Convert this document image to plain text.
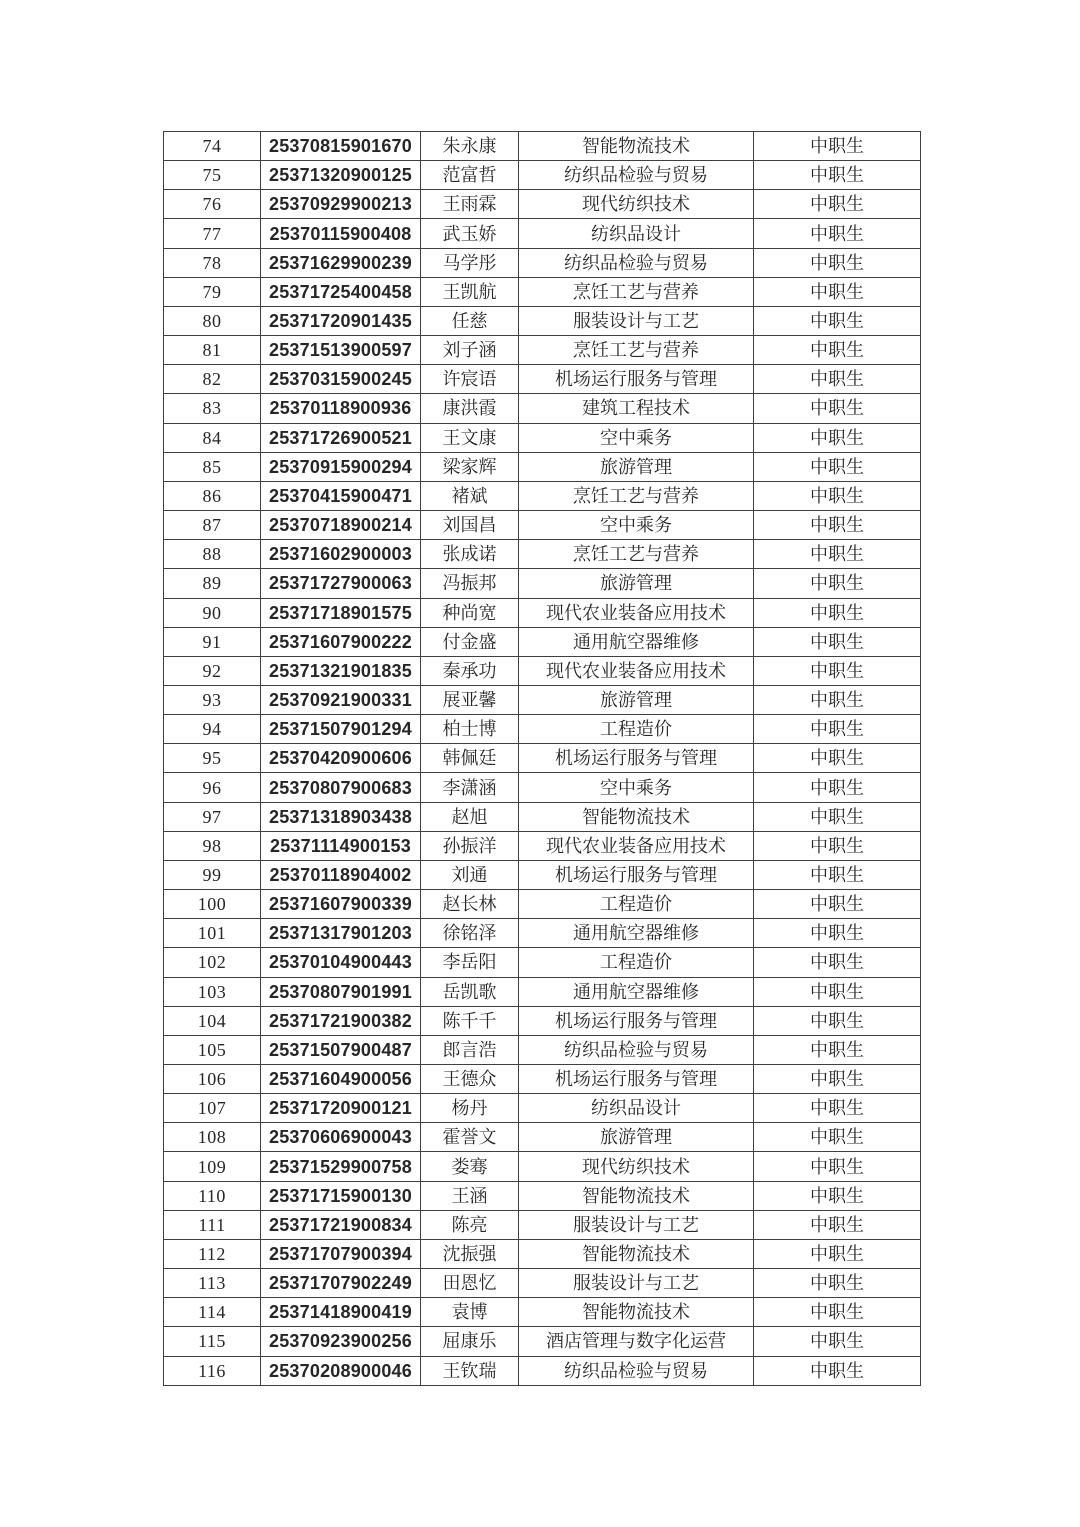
74	25370815901670	朱永康	智能物流技术	中职生
75	25371320900125	范富哲	纺织品检验与贸易	中职生
76	25370929900213	王雨霖	现代纺织技术	中职生
77	25370115900408	武玉娇	纺织品设计	中职生
78	25371629900239	马学彤	纺织品检验与贸易	中职生
79	25371725400458	王凯航	烹饪工艺与营养	中职生
80	25371720901435	任慈	服装设计与工艺	中职生
81	25371513900597	刘子涵	烹饪工艺与营养	中职生
82	25370315900245	许宸语	机场运行服务与管理	中职生
83	25370118900936	康洪霞	建筑工程技术	中职生
84	25371726900521	王文康	空中乘务	中职生
85	25370915900294	梁家辉	旅游管理	中职生
86	25370415900471	褚斌	烹饪工艺与营养	中职生
87	25370718900214	刘国昌	空中乘务	中职生
88	25371602900003	张成诺	烹饪工艺与营养	中职生
89	25371727900063	冯振邦	旅游管理	中职生
90	25371718901575	种尚宽	现代农业装备应用技术	中职生
91	25371607900222	付金盛	通用航空器维修	中职生
92	25371321901835	秦承功	现代农业装备应用技术	中职生
93	25370921900331	展亚馨	旅游管理	中职生
94	25371507901294	柏士博	工程造价	中职生
95	25370420900606	韩佩廷	机场运行服务与管理	中职生
96	25370807900683	李潇涵	空中乘务	中职生
97	25371318903438	赵旭	智能物流技术	中职生
98	25371114900153	孙振洋	现代农业装备应用技术	中职生
99	25370118904002	刘通	机场运行服务与管理	中职生
100	25371607900339	赵长林	工程造价	中职生
101	25371317901203	徐铭泽	通用航空器维修	中职生
102	25370104900443	李岳阳	工程造价	中职生
103	25370807901991	岳凯歌	通用航空器维修	中职生
104	25371721900382	陈千千	机场运行服务与管理	中职生
105	25371507900487	郎言浩	纺织品检验与贸易	中职生
106	25371604900056	王德众	机场运行服务与管理	中职生
107	25371720900121	杨丹	纺织品设计	中职生
108	25370606900043	霍誉文	旅游管理	中职生
109	25371529900758	娄骞	现代纺织技术	中职生
110	25371715900130	王涵	智能物流技术	中职生
111	25371721900834	陈亮	服装设计与工艺	中职生
112	25371707900394	沈振强	智能物流技术	中职生
113	25371707902249	田恩忆	服装设计与工艺	中职生
114	25371418900419	袁博	智能物流技术	中职生
115	25370923900256	屈康乐	酒店管理与数字化运营	中职生
116	25370208900046	王钦瑞	纺织品检验与贸易	中职生
